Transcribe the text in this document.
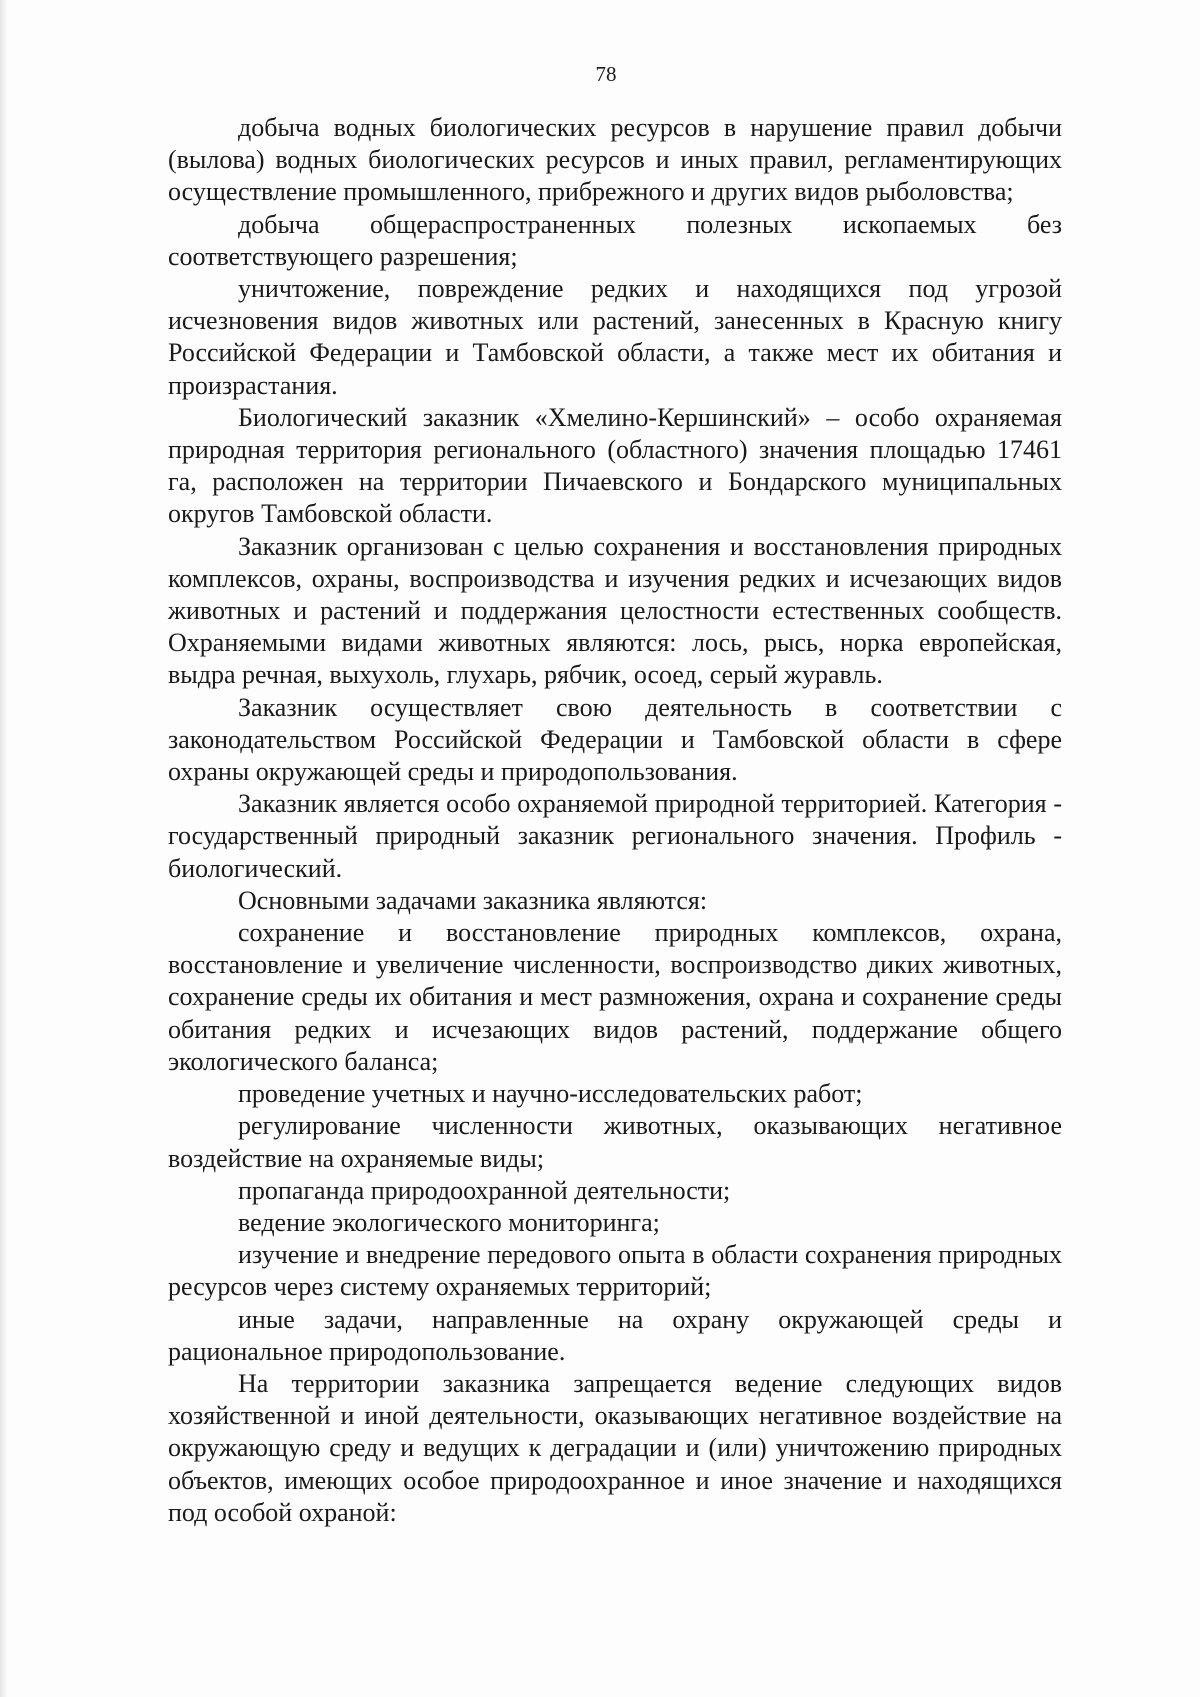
78

добыча водных биологических ресурсов в нарушение правил добычи (вылова) водных биологических ресурсов и иных правил, регламентирующих осуществление промышленного, прибрежного и других видов рыболовства;

добыча общераспространенных полезных ископаемых без соответствующего разрешения;

уничтожение, повреждение редких и находящихся под угрозой исчезновения видов животных или растений, занесенных в Красную книгу Российской Федерации и Тамбовской области, а также мест их обитания и произрастания.

Биологический заказник «Хмелино-Кершинский» – особо охраняемая природная территория регионального (областного) значения площадью 17461 га, расположен на территории Пичаевского и Бондарского муниципальных округов Тамбовской области.

Заказник организован с целью сохранения и восстановления природных комплексов, охраны, воспроизводства и изучения редких и исчезающих видов животных и растений и поддержания целостности естественных сообществ. Охраняемыми видами животных являются: лось, рысь, норка европейская, выдра речная, выхухоль, глухарь, рябчик, осоед, серый журавль.

Заказник осуществляет свою деятельность в соответствии с законодательством Российской Федерации и Тамбовской области в сфере охраны окружающей среды и природопользования.

Заказник является особо охраняемой природной территорией. Категория - государственный природный заказник регионального значения. Профиль - биологический.

Основными задачами заказника являются:

сохранение и восстановление природных комплексов, охрана, восстановление и увеличение численности, воспроизводство диких животных, сохранение среды их обитания и мест размножения, охрана и сохранение среды обитания редких и исчезающих видов растений, поддержание общего экологического баланса;

проведение учетных и научно-исследовательских работ;

регулирование численности животных, оказывающих негативное воздействие на охраняемые виды;

пропаганда природоохранной деятельности;

ведение экологического мониторинга;

изучение и внедрение передового опыта в области сохранения природных ресурсов через систему охраняемых территорий;

иные задачи, направленные на охрану окружающей среды и рациональное природопользование.

На территории заказника запрещается ведение следующих видов хозяйственной и иной деятельности, оказывающих негативное воздействие на окружающую среду и ведущих к деградации и (или) уничтожению природных объектов, имеющих особое природоохранное и иное значение и находящихся под особой охраной:
